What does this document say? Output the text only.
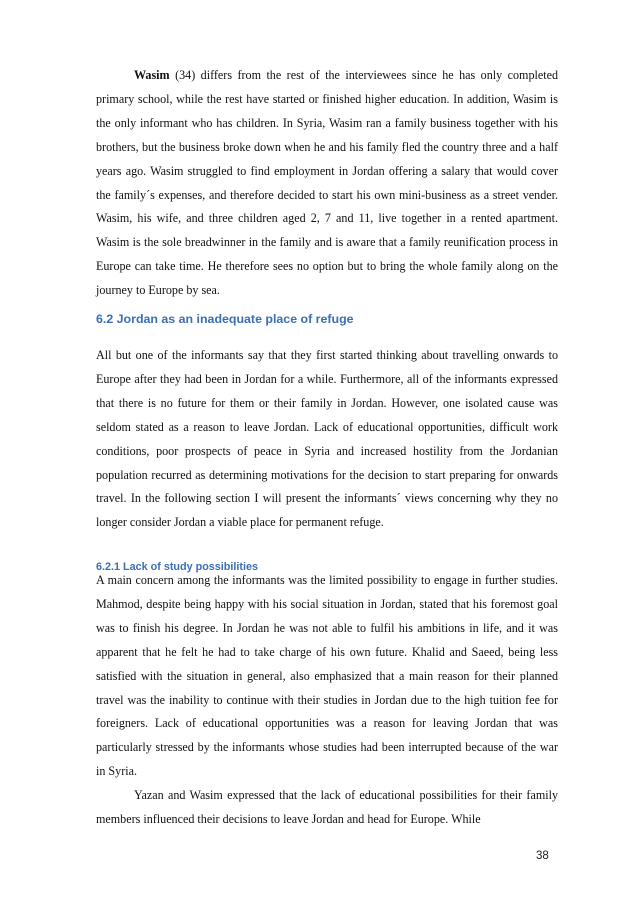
Wasim (34) differs from the rest of the interviewees since he has only completed primary school, while the rest have started or finished higher education. In addition, Wasim is the only informant who has children. In Syria, Wasim ran a family business together with his brothers, but the business broke down when he and his family fled the country three and a half years ago. Wasim struggled to find employment in Jordan offering a salary that would cover the family´s expenses, and therefore decided to start his own mini-business as a street vender. Wasim, his wife, and three children aged 2, 7 and 11, live together in a rented apartment. Wasim is the sole breadwinner in the family and is aware that a family reunification process in Europe can take time. He therefore sees no option but to bring the whole family along on the journey to Europe by sea.

6.2 Jordan as an inadequate place of refuge

All but one of the informants say that they first started thinking about travelling onwards to Europe after they had been in Jordan for a while. Furthermore, all of the informants expressed that there is no future for them or their family in Jordan. However, one isolated cause was seldom stated as a reason to leave Jordan. Lack of educational opportunities, difficult work conditions, poor prospects of peace in Syria and increased hostility from the Jordanian population recurred as determining motivations for the decision to start preparing for onwards travel. In the following section I will present the informants´ views concerning why they no longer consider Jordan a viable place for permanent refuge.

6.2.1 Lack of study possibilities

A main concern among the informants was the limited possibility to engage in further studies. Mahmod, despite being happy with his social situation in Jordan, stated that his foremost goal was to finish his degree. In Jordan he was not able to fulfil his ambitions in life, and it was apparent that he felt he had to take charge of his own future. Khalid and Saeed, being less satisfied with the situation in general, also emphasized that a main reason for their planned travel was the inability to continue with their studies in Jordan due to the high tuition fee for foreigners. Lack of educational opportunities was a reason for leaving Jordan that was particularly stressed by the informants whose studies had been interrupted because of the war in Syria.

Yazan and Wasim expressed that the lack of educational possibilities for their family members influenced their decisions to leave Jordan and head for Europe. While

38
